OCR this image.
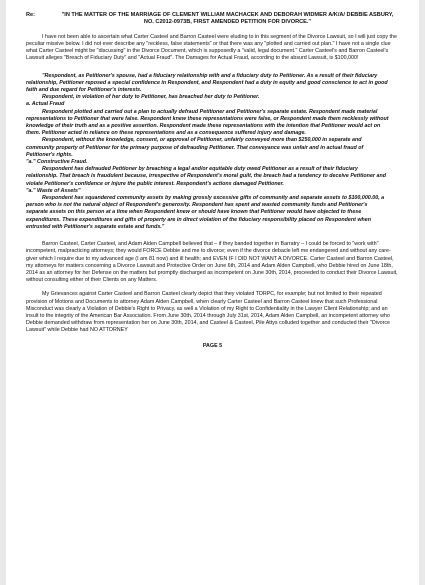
Re:	"IN THE MATTER OF THE MARRIAGE OF CLEMENT WILLIAM MACHACEK AND DEBORAH WIDMER A/K/A/ DEBBIE ASBURY, NO. C2012-0973B, FIRST AMENDED PETITION FOR DIVORCE."

I have not been able to ascertain what Carter Casteel and Barron Casteel were eluding to in this segment of the Divorce Lawsuit, so I will just copy the peculiar missive below. I did not ever describe any "reckless, false statements" or that there was any "plotted and carried out plan." I have not a single clue what Carter Casteel might be "discussing" in the Divorce Document, which is supposedly a "valid, legal document." Carter Casteel's and Barron Casteel's Lawsuit alleges "Breach of Fiduciary Duty" and "Actual Fraud". The Damages for Actual Fraud, according to the absurd Lawsuit, is $100,000!

"Respondent, as Petitioner's spouse, had a fiduciary relationship with and a fiduciary duty to Petitioner. As a result of their fiduciary relationship, Petitioner reposed a special confidence in Respondent, and Respondent had a duty in equity and good conscience to act in good faith and due regard for Petitioner's interests.

Respondent, in violation of her duty to Petitioner, has breached her duty to Petitioner.

a. Actual Fraud

Respondent plotted and carried out a plan to actually defraud Petitioner and Petitioner's separate estate. Respondent made material representations to Petitioner that were false. Respondent knew these representations were false, or Respondent made them recklessly without knowledge of their truth and as a positive assertion. Respondent made these representations with the intention that Petitioner would act on them. Petitioner acted in reliance on these representations and as a consequence suffered injury and damage.

Respondent, without the knowledge, consent, or approval of Petitioner, unfairly conveyed more than $250,000 in separate and community property of Petitioner for the primary purpose of defrauding Petitioner. That conveyance was unfair and in actual fraud of Petitioner's rights.

"a." Constructive Fraud.

Respondent has defrauded Petitioner by breaching a legal and/or equitable duty owed Petitioner as a result of their fiduciary relationship. That breach is fraudulent because, irrespective of Respondent's moral guilt, the breach had a tendency to deceive Petitioner and violate Petitioner's confidence or injure the public interest. Respondent's actions damaged Petitioner.

"a." Waste of Assets"

Respondent has squandered community assets by making grossly excessive gifts of community and separate assets to $100,000.00, a person who is not the natural object of Respondent's generosity. Respondent has spent and wasted community funds and Petitioner's separate assets on this person at a time when Respondent knew or should have known that Petitioner would have objected to these expenditures. These expenditures and gifts of property are in direct violation of the fiduciary responsibility placed on Respondent when entrusted with Petitioner's separate estate and funds."

Barron Casteel, Carter Casteel, and Adam Alden Campbell believed that – if they banded together in Barratry – I could be forced to "work with" incompetent, malpracticing attorneys; they would FORCE Debbie and me to divorce; even if the divorce debacle left me endangered and without any care-giver which I require due to my advanced age (I am 81 now) and ill health; and EVEN IF I DID NOT WANT A DIVORCE. Carter Casteel and Barron Casteel, my attorneys for matters concerning a Divorce Lawsuit and Protective Order on June 6th, 2014 and Adam Alden Campbell, who Debbie hired on June 18th, 2014 as an attorney for her Defense on the matters but promptly discharged as incompetent on June 30th, 2014, proceeded to conduct their Divorce Lawsuit, without consulting either of their Clients on any Matters.

My Grievances against Carter Casteel and Barron Casteel clearly depict that they violated TDRPC, for example; but not limited to their repeated provision of Motions and Documents to attorney Adam Alden Campbell, when clearly Carter Casteel and Barron Casteel knew that such Professional Misconduct was clearly a Violation of Debbie's Right to Privacy, as well a Violation of my Right to Confidentiality in the Lawyer Client Relationship; and an insult to the integrity of the American Bar Association. From June 30th, 2014 through July 31st, 2014, Adam Alden Campbell, an incompetent attorney who Debbie demanded withdraw from representation her on June 30th, 2014, and Casteel & Casteel, Pile Attys colluded together and conducted their "Divorce Lawsuit" while Debbie had NO ATTORNEY

PAGE 5
